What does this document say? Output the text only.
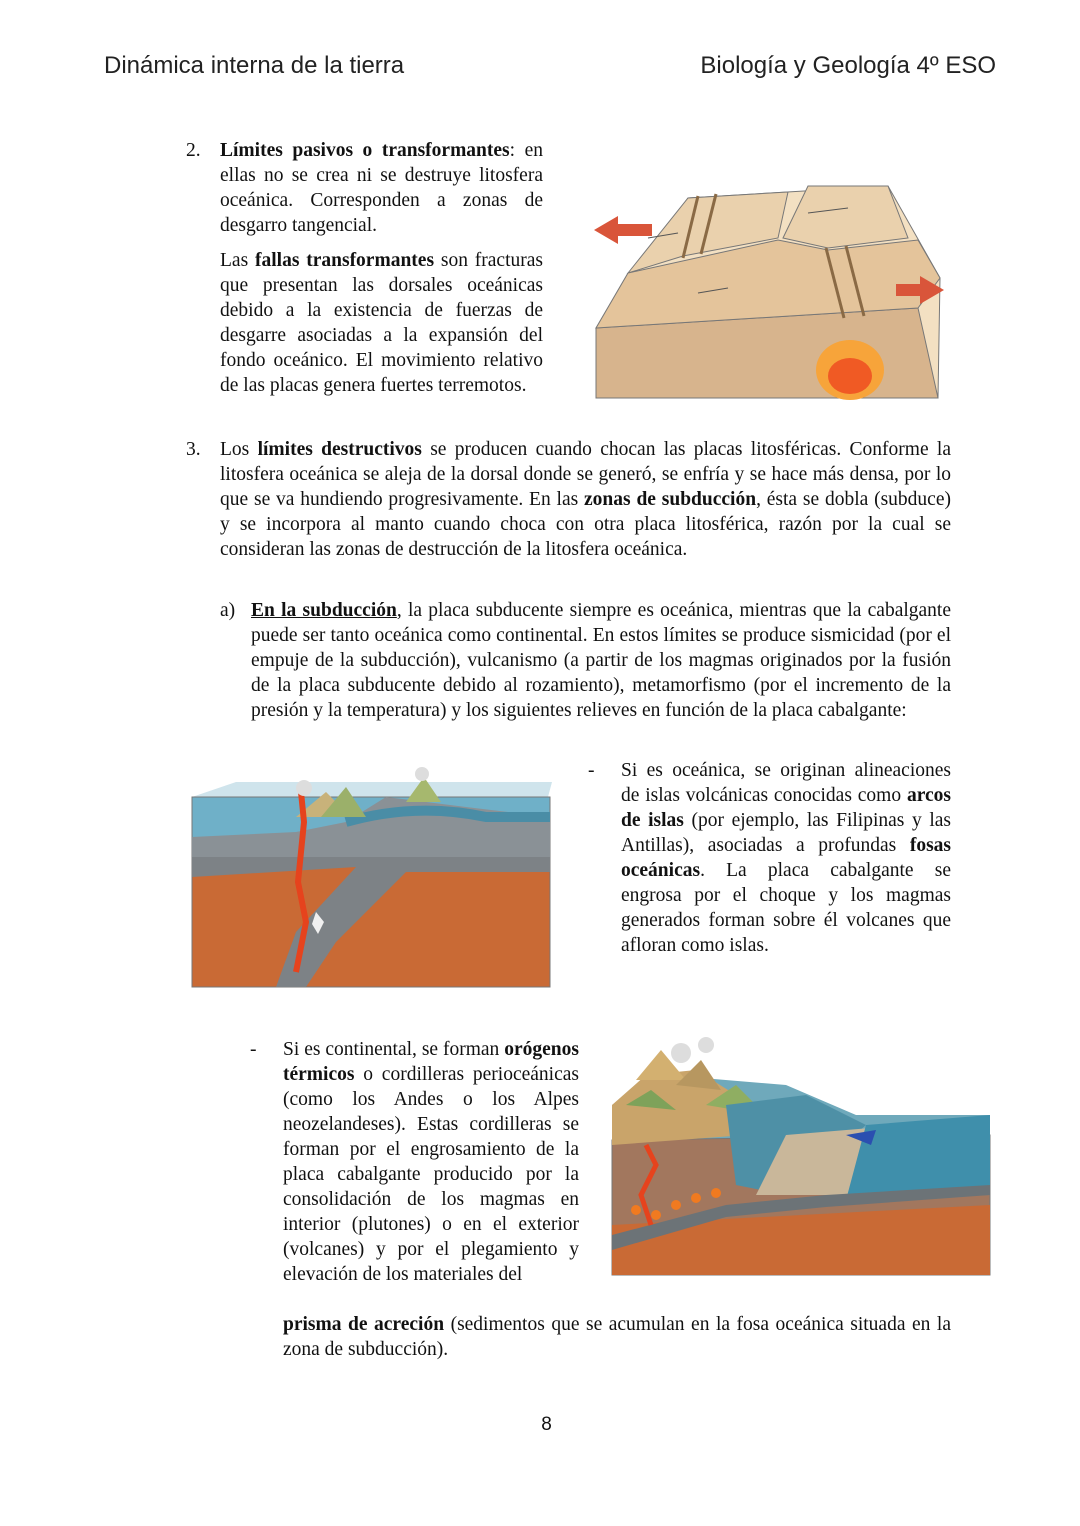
Dinámica interna de la tierra	Biología y Geología 4º ESO
2. Límites pasivos o transformantes: en ellas no se crea ni se destruye litosfera oceánica. Corresponden a zonas de desgarro tangencial.

Las fallas transformantes son fracturas que presentan las dorsales oceánicas debido a la existencia de fuerzas de desgarre asociadas a la expansión del fondo oceánico. El movimiento relativo de las placas genera fuertes terremotos.

3. Los límites destructivos se producen cuando chocan las placas litosféricas. Conforme la litosfera oceánica se aleja de la dorsal donde se generó, se enfría y se hace más densa, por lo que se va hundiendo progresivamente. En las zonas de subducción, ésta se dobla (subduce) y se incorpora al manto cuando choca con otra placa litosférica, razón por la cual se consideran las zonas de destrucción de la litosfera oceánica.

a) En la subducción, la placa subducente siempre es oceánica, mientras que la cabalgante puede ser tanto oceánica como continental. En estos límites se produce sismicidad (por el empuje de la subducción), vulcanismo (a partir de los magmas originados por la fusión de la placa subducente debido al rozamiento), metamorfismo (por el incremento de la presión y la temperatura) y los siguientes relieves en función de la placa cabalgante:

- Si es oceánica, se originan alineaciones de islas volcánicas conocidas como arcos de islas (por ejemplo, las Filipinas y las Antillas), asociadas a profundas fosas oceánicas. La placa cabalgante se engrosa por el choque y los magmas generados forman sobre él volcanes que afloran como islas.

- Si es continental, se forman orógenos térmicos o cordilleras perioceánicas (como los Andes o los Alpes neozelandeses). Estas cordilleras se forman por el engrosamiento de la placa cabalgante producido por la consolidación de los magmas en interior (plutones) o en el exterior (volcanes) y por el plegamiento y elevación de los materiales del

prisma de acreción (sedimentos que se acumulan en la fosa oceánica situada en la zona de subducción).

8
